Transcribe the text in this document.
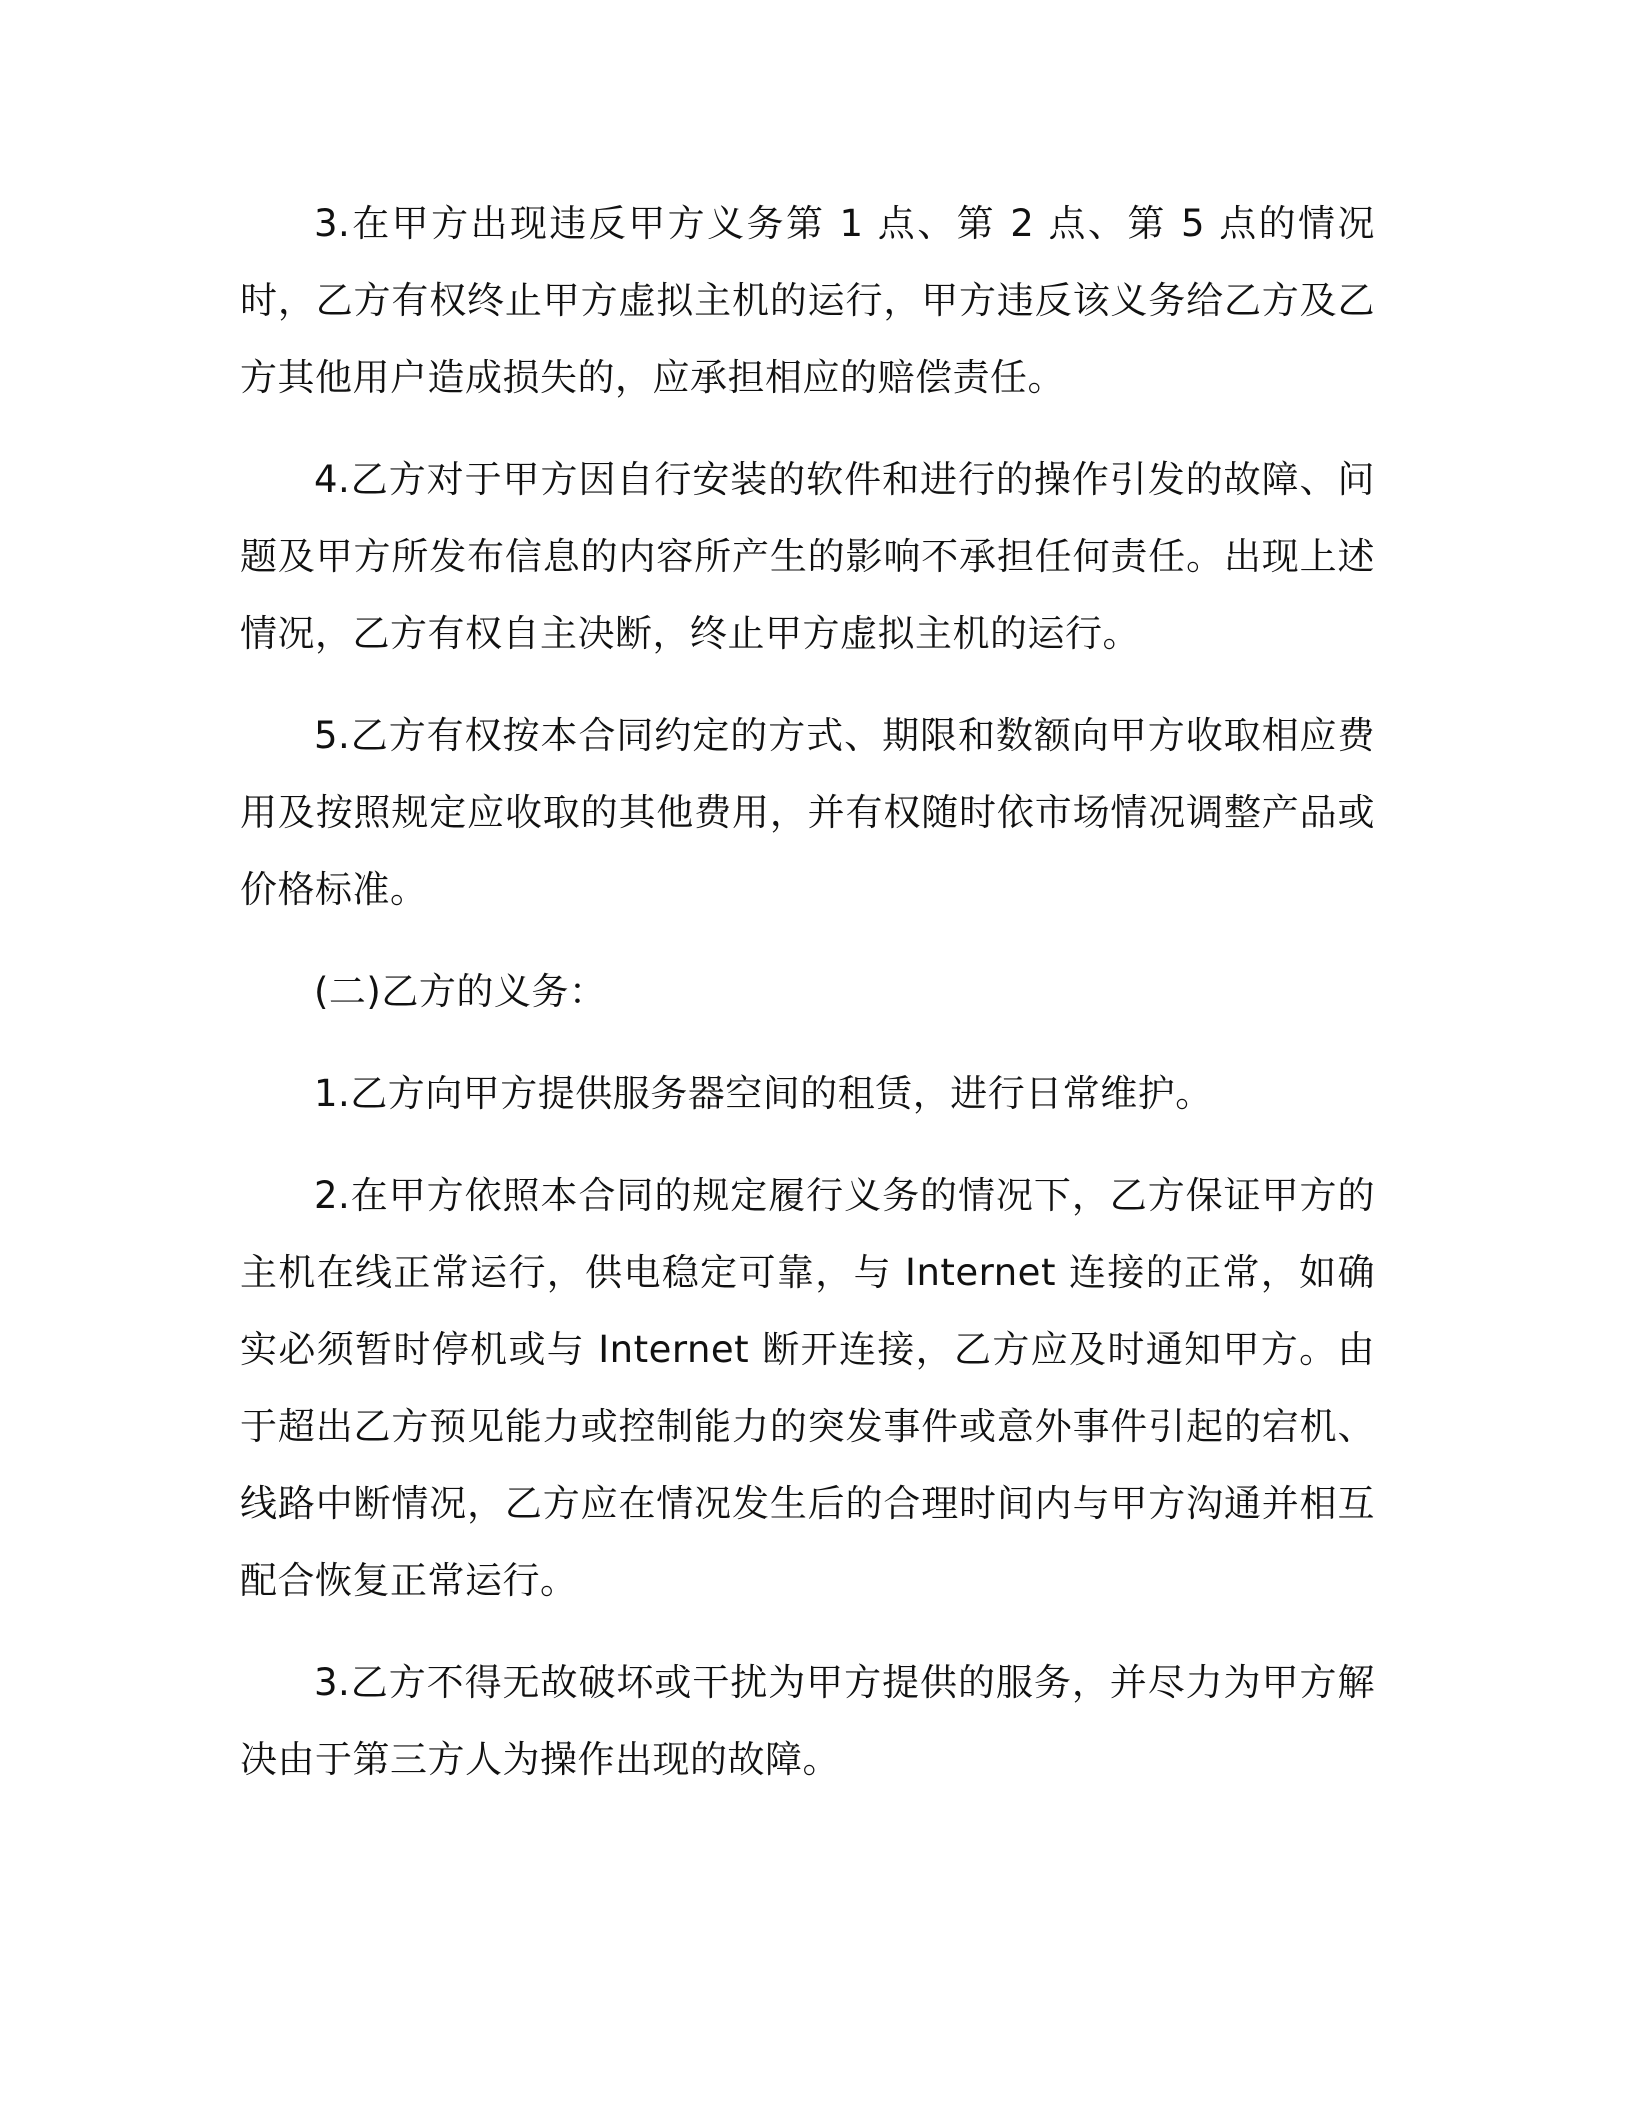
3.在甲方出现违反甲方义务第 1 点、第 2 点、第 5 点的情况时，乙方有权终止甲方虚拟主机的运行，甲方违反该义务给乙方及乙方其他用户造成损失的，应承担相应的赔偿责任。

4.乙方对于甲方因自行安装的软件和进行的操作引发的故障、问题及甲方所发布信息的内容所产生的影响不承担任何责任。出现上述情况，乙方有权自主决断，终止甲方虚拟主机的运行。

5.乙方有权按本合同约定的方式、期限和数额向甲方收取相应费用及按照规定应收取的其他费用，并有权随时依市场情况调整产品或价格标准。

(二)乙方的义务：

1.乙方向甲方提供服务器空间的租赁，进行日常维护。

2.在甲方依照本合同的规定履行义务的情况下，乙方保证甲方的主机在线正常运行，供电稳定可靠，与 Internet 连接的正常，如确实必须暂时停机或与 Internet 断开连接，乙方应及时通知甲方。由于超出乙方预见能力或控制能力的突发事件或意外事件引起的宕机、线路中断情况，乙方应在情况发生后的合理时间内与甲方沟通并相互配合恢复正常运行。

3.乙方不得无故破坏或干扰为甲方提供的服务，并尽力为甲方解决由于第三方人为操作出现的故障。
